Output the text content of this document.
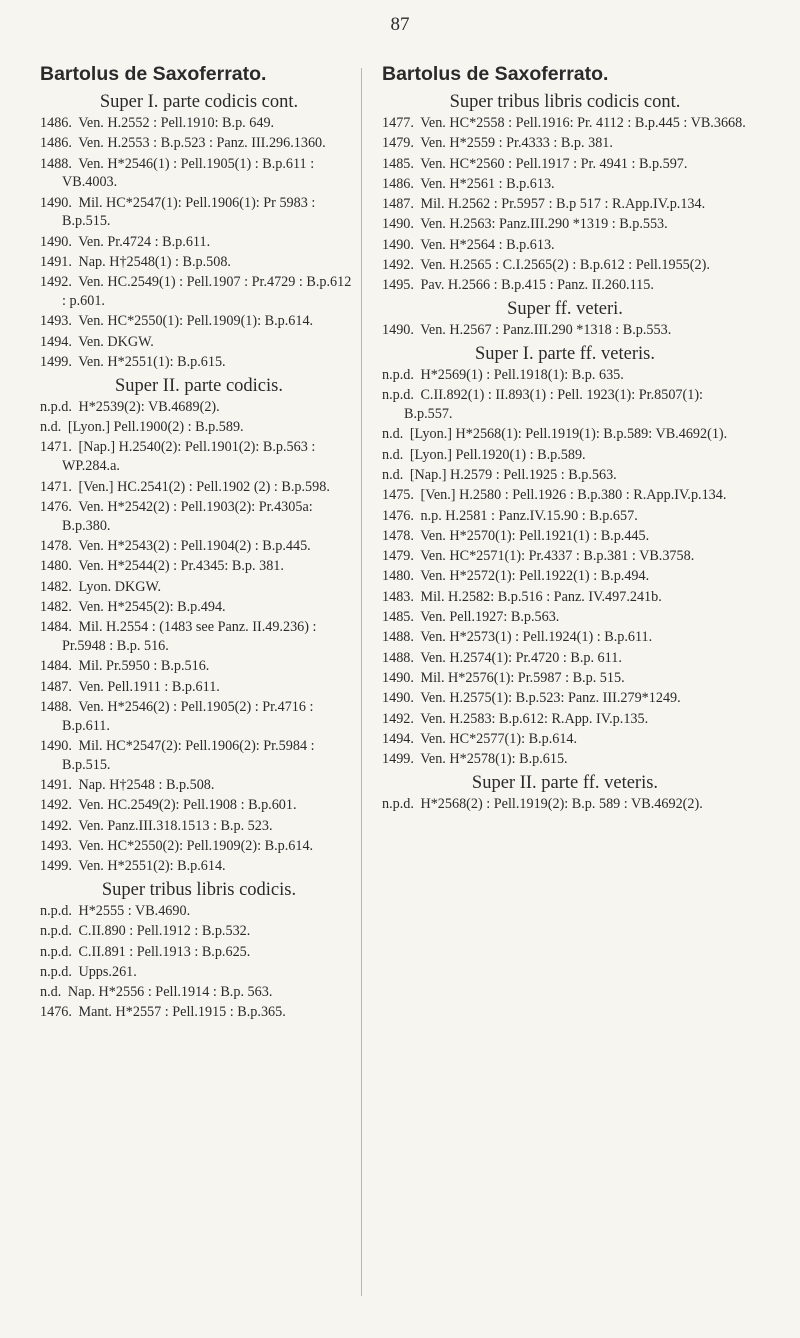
87
Bartolus de Saxoferrato.
Super I. parte codicis cont.
1486. Ven. H.2552 : Pell.1910: B.p. 649.
1486. Ven. H.2553 : B.p.523 : Panz. III.296.1360.
1488. Ven. H*2546(1) : Pell.1905(1) : B.p.611 : VB.4003.
1490. Mil. HC*2547(1): Pell.1906(1): Pr 5983 : B.p.515.
1490. Ven. Pr.4724 : B.p.611.
1491. Nap. H†2548(1) : B.p.508.
1492. Ven. HC.2549(1) : Pell.1907 : Pr.4729 : B.p.612 : p.601.
1493. Ven. HC*2550(1): Pell.1909(1): B.p.614.
1494. Ven. DKGW.
1499. Ven. H*2551(1): B.p.615.
Super II. parte codicis.
n.p.d. H*2539(2): VB.4689(2).
n.d. [Lyon.] Pell.1900(2) : B.p.589.
1471. [Nap.] H.2540(2): Pell.1901(2): B.p.563 : WP.284.a.
1471. [Ven.] HC.2541(2) : Pell.1902 (2) : B.p.598.
1476. Ven. H*2542(2) : Pell.1903(2): Pr.4305a: B.p.380.
1478. Ven. H*2543(2) : Pell.1904(2) : B.p.445.
1480. Ven. H*2544(2) : Pr.4345: B.p. 381.
1482. Lyon. DKGW.
1482. Ven. H*2545(2): B.p.494.
1484. Mil. H.2554 : (1483 see Panz. II.49.236) : Pr.5948 : B.p. 516.
1484. Mil. Pr.5950 : B.p.516.
1487. Ven. Pell.1911 : B.p.611.
1488. Ven. H*2546(2) : Pell.1905(2) : Pr.4716 : B.p.611.
1490. Mil. HC*2547(2): Pell.1906(2): Pr.5984 : B.p.515.
1491. Nap. H†2548 : B.p.508.
1492. Ven. HC.2549(2): Pell.1908 : B.p.601.
1492. Ven. Panz.III.318.1513 : B.p. 523.
1493. Ven. HC*2550(2): Pell.1909(2): B.p.614.
1499. Ven. H*2551(2): B.p.614.
Super tribus libris codicis.
n.p.d. H*2555 : VB.4690.
n.p.d. C.II.890 : Pell.1912 : B.p.532.
n.p.d. C.II.891 : Pell.1913 : B.p.625.
n.p.d. Upps.261.
n.d. Nap. H*2556 : Pell.1914 : B.p. 563.
1476. Mant. H*2557 : Pell.1915 : B.p.365.
Bartolus de Saxoferrato.
Super tribus libris codicis cont.
1477. Ven. HC*2558 : Pell.1916: Pr. 4112 : B.p.445 : VB.3668.
1479. Ven. H*2559 : Pr.4333 : B.p. 381.
1485. Ven. HC*2560 : Pell.1917 : Pr. 4941 : B.p.597.
1486. Ven. H*2561 : B.p.613.
1487. Mil. H.2562 : Pr.5957 : B.p 517 : R.App.IV.p.134.
1490. Ven. H.2563: Panz.III.290 *1319 : B.p.553.
1490. Ven. H*2564 : B.p.613.
1492. Ven. H.2565 : C.I.2565(2) : B.p.612 : Pell.1955(2).
1495. Pav. H.2566 : B.p.415 : Panz. II.260.115.
Super ff. veteri.
1490. Ven. H.2567 : Panz.III.290 *1318 : B.p.553.
Super I. parte ff. veteris.
n.p.d. H*2569(1) : Pell.1918(1): B.p. 635.
n.p.d. C.II.892(1) : II.893(1) : Pell. 1923(1): Pr.8507(1): B.p.557.
n.d. [Lyon.] H*2568(1): Pell.1919(1): B.p.589: VB.4692(1).
n.d. [Lyon.] Pell.1920(1) : B.p.589.
n.d. [Nap.] H.2579 : Pell.1925 : B.p.563.
1475. [Ven.] H.2580 : Pell.1926 : B.p.380 : R.App.IV.p.134.
1476. n.p. H.2581 : Panz.IV.15.90 : B.p.657.
1478. Ven. H*2570(1): Pell.1921(1) : B.p.445.
1479. Ven. HC*2571(1): Pr.4337 : B.p.381 : VB.3758.
1480. Ven. H*2572(1): Pell.1922(1) : B.p.494.
1483. Mil. H.2582: B.p.516 : Panz. IV.497.241b.
1485. Ven. Pell.1927: B.p.563.
1488. Ven. H*2573(1) : Pell.1924(1) : B.p.611.
1488. Ven. H.2574(1): Pr.4720 : B.p. 611.
1490. Mil. H*2576(1): Pr.5987 : B.p. 515.
1490. Ven. H.2575(1): B.p.523: Panz. III.279*1249.
1492. Ven. H.2583: B.p.612: R.App. IV.p.135.
1494. Ven. HC*2577(1): B.p.614.
1499. Ven. H*2578(1): B.p.615.
Super II. parte ff. veteris.
n.p.d. H*2568(2) : Pell.1919(2): B.p. 589 : VB.4692(2).
